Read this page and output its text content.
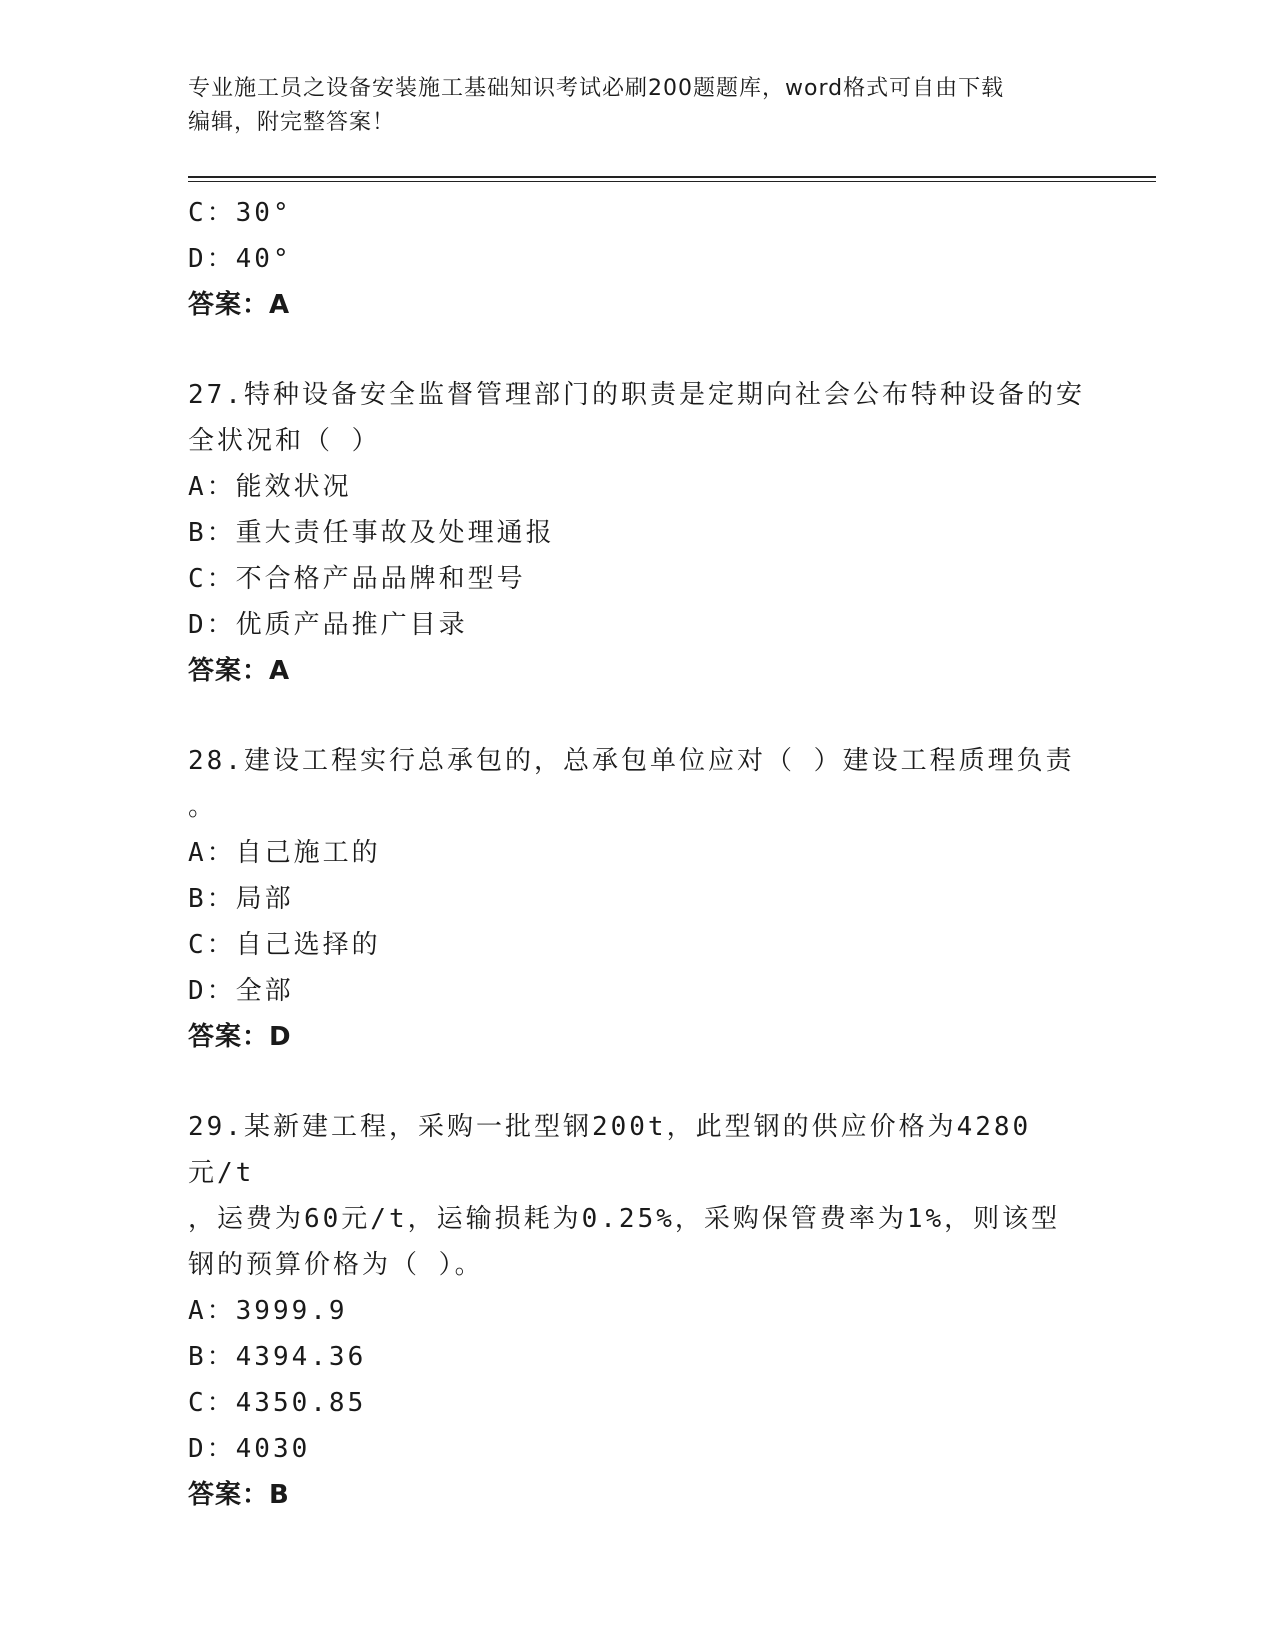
专业施工员之设备安装施工基础知识考试必刷200题题库，word格式可自由下载
编辑，附完整答案！
C：30°
D：40°
答案：A
27.特种设备安全监督管理部门的职责是定期向社会公布特种设备的安
全状况和（ ）
A：能效状况
B：重大责任事故及处理通报
C：不合格产品品牌和型号
D：优质产品推广目录
答案：A
28.建设工程实行总承包的，总承包单位应对（ ）建设工程质理负责
。
A：自己施工的
B：局部
C：自己选择的
D：全部
答案：D
29.某新建工程，采购一批型钢200t，此型钢的供应价格为4280元/t
，运费为60元/t，运输损耗为0.25%，采购保管费率为1%，则该型
钢的预算价格为（ ）。
A：3999.9
B：4394.36
C：4350.85
D：4030
答案：B
